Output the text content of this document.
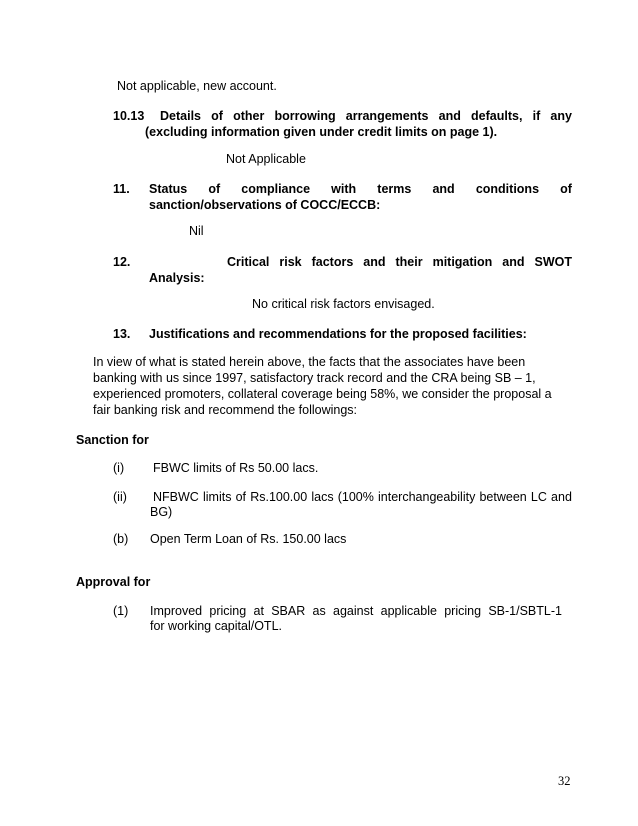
Not applicable, new account.
10.13 Details of other borrowing arrangements and defaults, if any
(excluding information given under credit limits on page 1).
Not Applicable
11. Status of compliance with terms and conditions of
sanction/observations of COCC/ECCB:
Nil
12.	Critical risk factors and their mitigation and SWOT
Analysis:
No critical risk factors envisaged.
13. Justifications and recommendations for the proposed facilities:
In view of what is stated herein above, the facts that the associates have been
banking with us since 1997, satisfactory track record and the CRA being SB – 1,
experienced promoters, collateral coverage being 58%, we consider the proposal a
fair banking risk and recommend the followings:
Sanction for
(i) FBWC limits of Rs 50.00 lacs.
(ii) NFBWC limits of Rs.100.00 lacs (100% interchangeability between LC and
BG)
(b) Open Term Loan of Rs. 150.00 lacs
Approval for
(1) Improved pricing at SBAR as against applicable pricing SB-1/SBTL-1
for working capital/OTL.
32
